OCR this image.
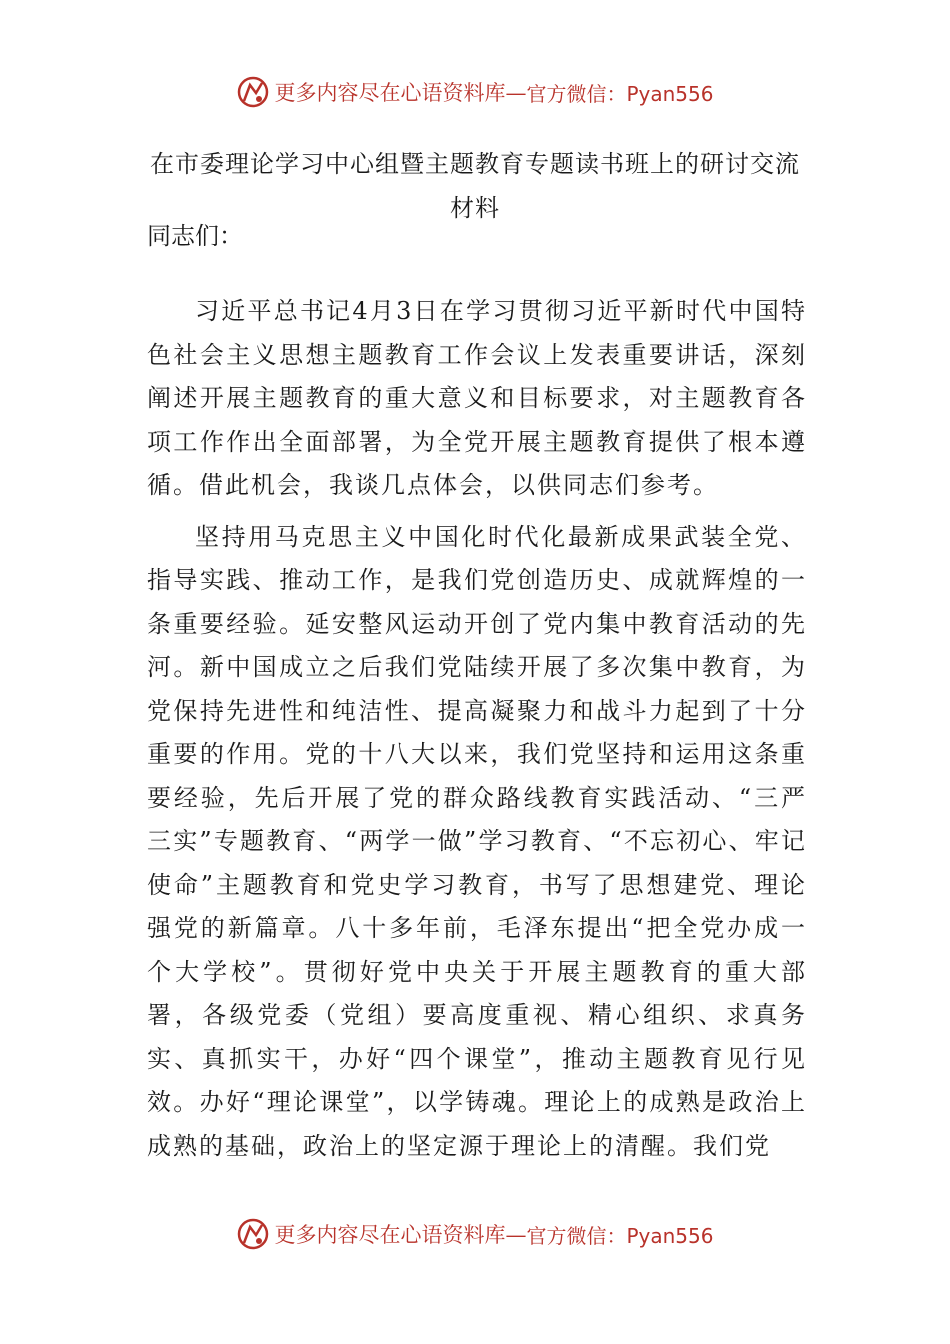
更多内容尽在心语资料库— 官方微信：Pyan556
在市委理论学习中心组暨主题教育专题读书班上的研讨交流材料
同志们：

习近平总书记4月3日在学习贯彻习近平新时代中国特色社会主义思想主题教育工作会议上发表重要讲话，深刻阐述开展主题教育的重大意义和目标要求，对主题教育各项工作作出全面部署，为全党开展主题教育提供了根本遵循。借此机会，我谈几点体会，以供同志们参考。

坚持用马克思主义中国化时代化最新成果武装全党、指导实践、推动工作，是我们党创造历史、成就辉煌的一条重要经验。延安整风运动开创了党内集中教育活动的先河。新中国成立之后我们党陆续开展了多次集中教育，为党保持先进性和纯洁性、提高凝聚力和战斗力起到了十分重要的作用。党的十八大以来，我们党坚持和运用这条重要经验，先后开展了党的群众路线教育实践活动、“三严三实”专题教育、“两学一做”学习教育、“不忘初心、牢记使命”主题教育和党史学习教育，书写了思想建党、理论强党的新篇章。八十多年前，毛泽东提出“把全党办成一个大学校”。贯彻好党中央关于开展主题教育的重大部署，各级党委（党组）要高度重视、精心组织、求真务实、真抓实干，办好“四个课堂”，推动主题教育见行见效。办好“理论课堂”，以学铸魂。理论上的成熟是政治上成熟的基础，政治上的坚定源于理论上的清醒。我们党

更多内容尽在心语资料库— 官方微信：Pyan556
